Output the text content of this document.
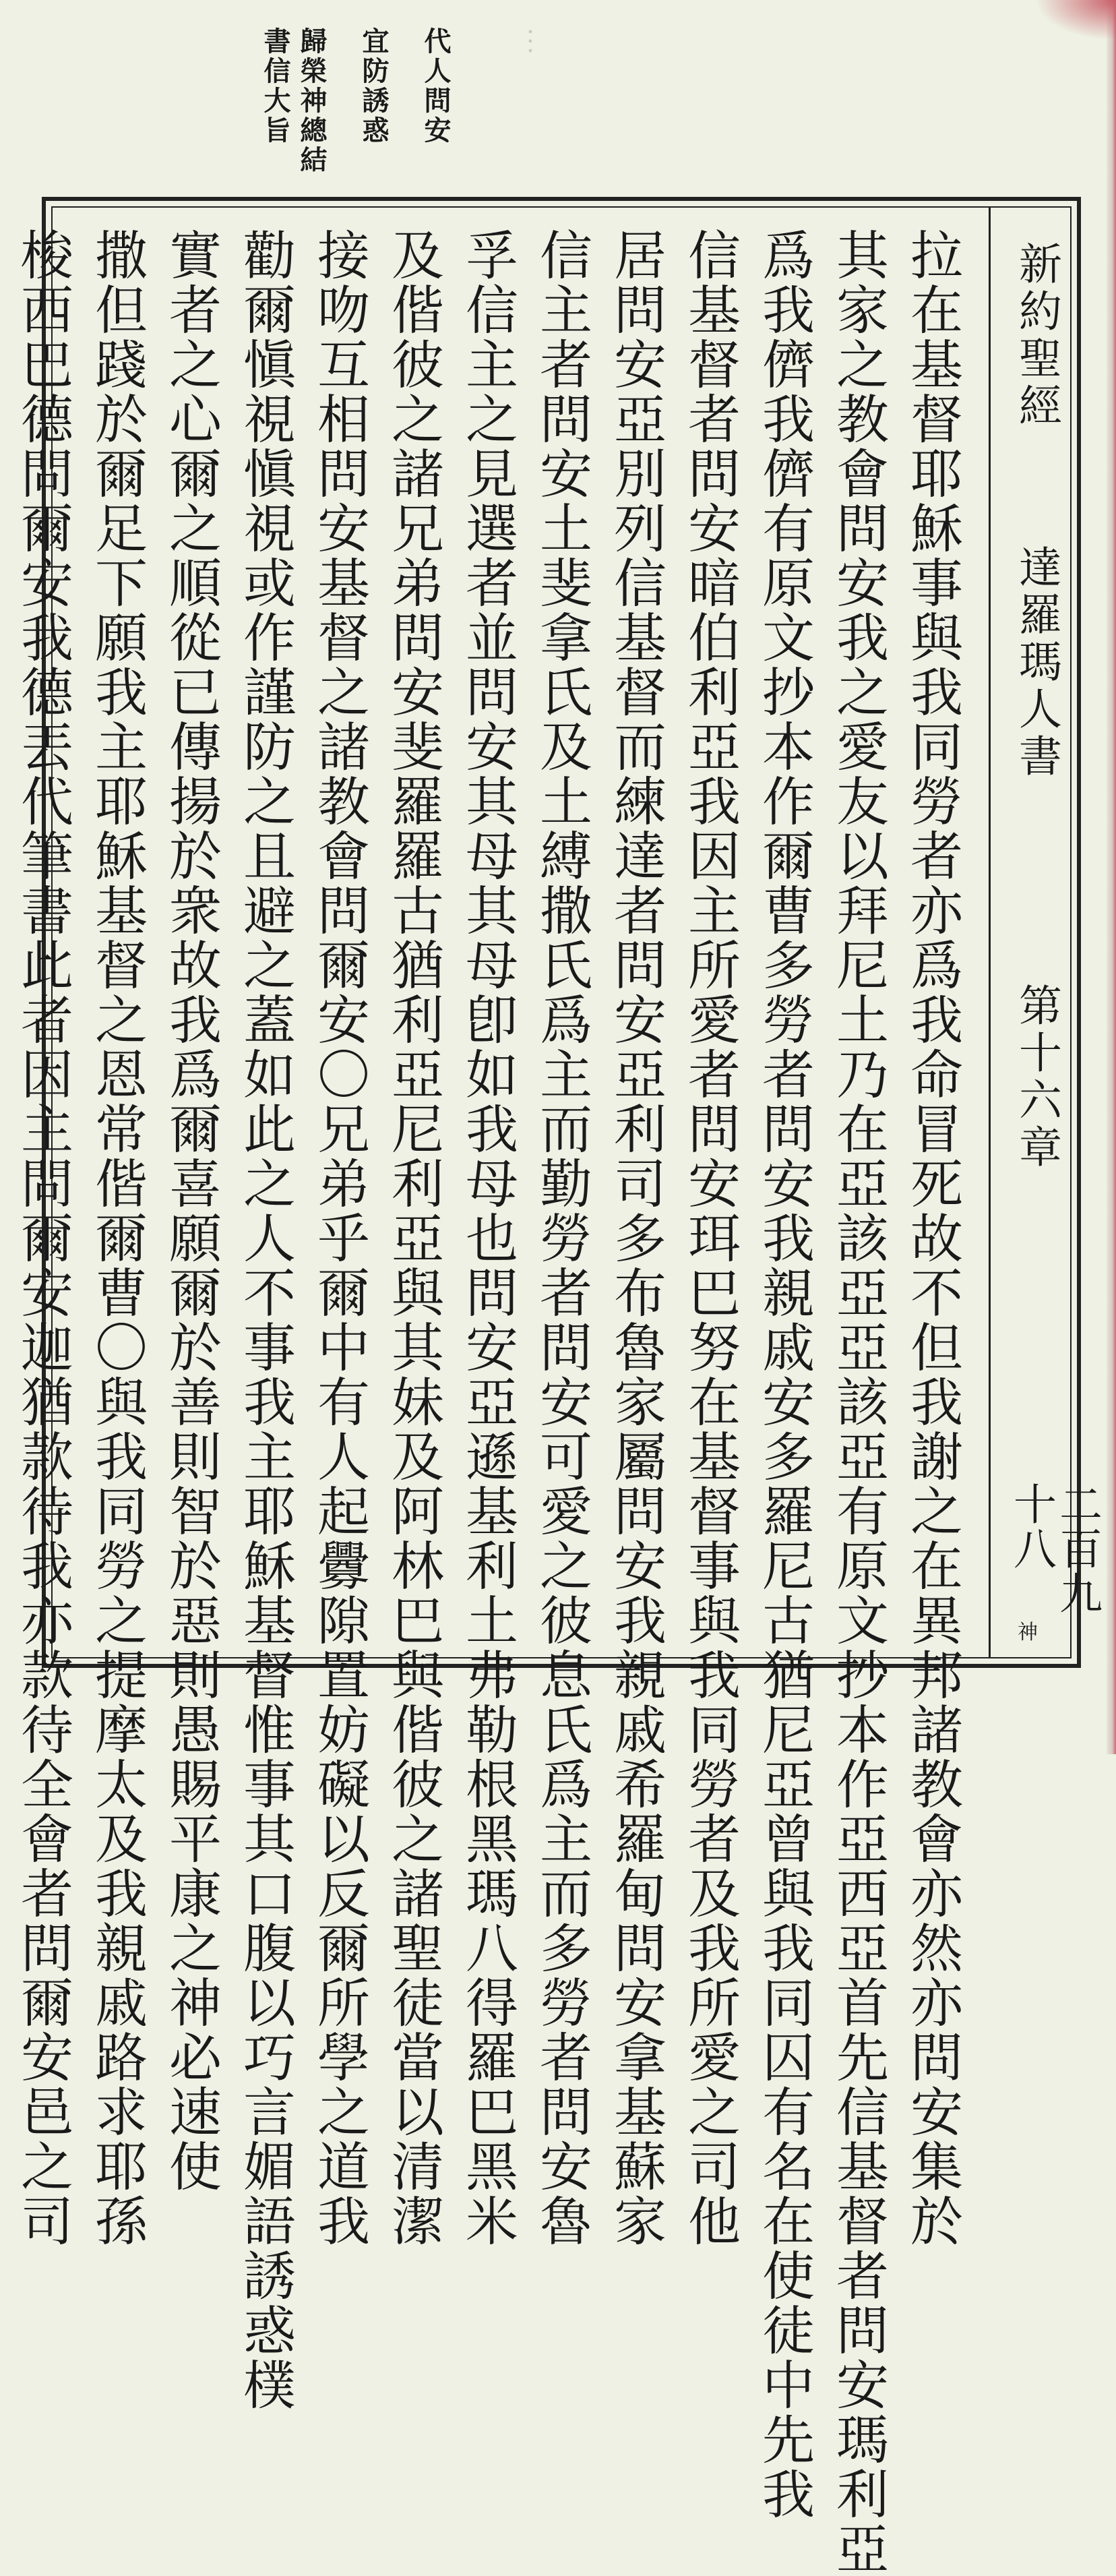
︙
代人問安
宜防誘惑
歸榮神總結
書信大旨
新約聖經
達羅瑪人書
第十六章
二百九十八
神
拉在基督耶穌事與我同勞者亦爲我命冒死故不但我謝之在異邦諸教會亦然亦問安集於
其家之教會問安我之愛友以拜尼土乃在亞該亞亞該亞有原文抄本作亞西亞首先信基督者問安瑪利亞
爲我儕我儕有原文抄本作爾曹多勞者問安我親戚安多羅尼古猶尼亞曾與我同囚有名在使徒中先我
信基督者問安暗伯利亞我因主所愛者問安珥巴努在基督事與我同勞者及我所愛之司他
居問安亞別列信基督而練達者問安亞利司多布魯家屬問安我親戚希羅甸問安拿基蘇家
信主者問安土斐拿氏及土縛撒氏爲主而勤勞者問安可愛之彼息氏爲主而多勞者問安魯
孚信主之見選者並問安其母其母卽如我母也問安亞遜基利土弗勒根黑瑪八得羅巴黑米
及偕彼之諸兄弟問安斐羅羅古猶利亞尼利亞與其妹及阿林巴與偕彼之諸聖徒當以清潔
接吻互相問安基督之諸教會問爾安〇兄弟乎爾中有人起釁隙置妨礙以反爾所學之道我
勸爾愼視愼視或作謹防之且避之蓋如此之人不事我主耶穌基督惟事其口腹以巧言媚語誘惑樸
實者之心爾之順從已傳揚於衆故我爲爾喜願爾於善則智於惡則愚賜平康之神必速使
撒但踐於爾足下願我主耶穌基督之恩常偕爾曹〇與我同勞之提摩太及我親戚路求耶孫
梭西巴德問爾安我德丟代筆書此者因主問爾安迦猶款待我亦款待全會者問爾安邑之司
